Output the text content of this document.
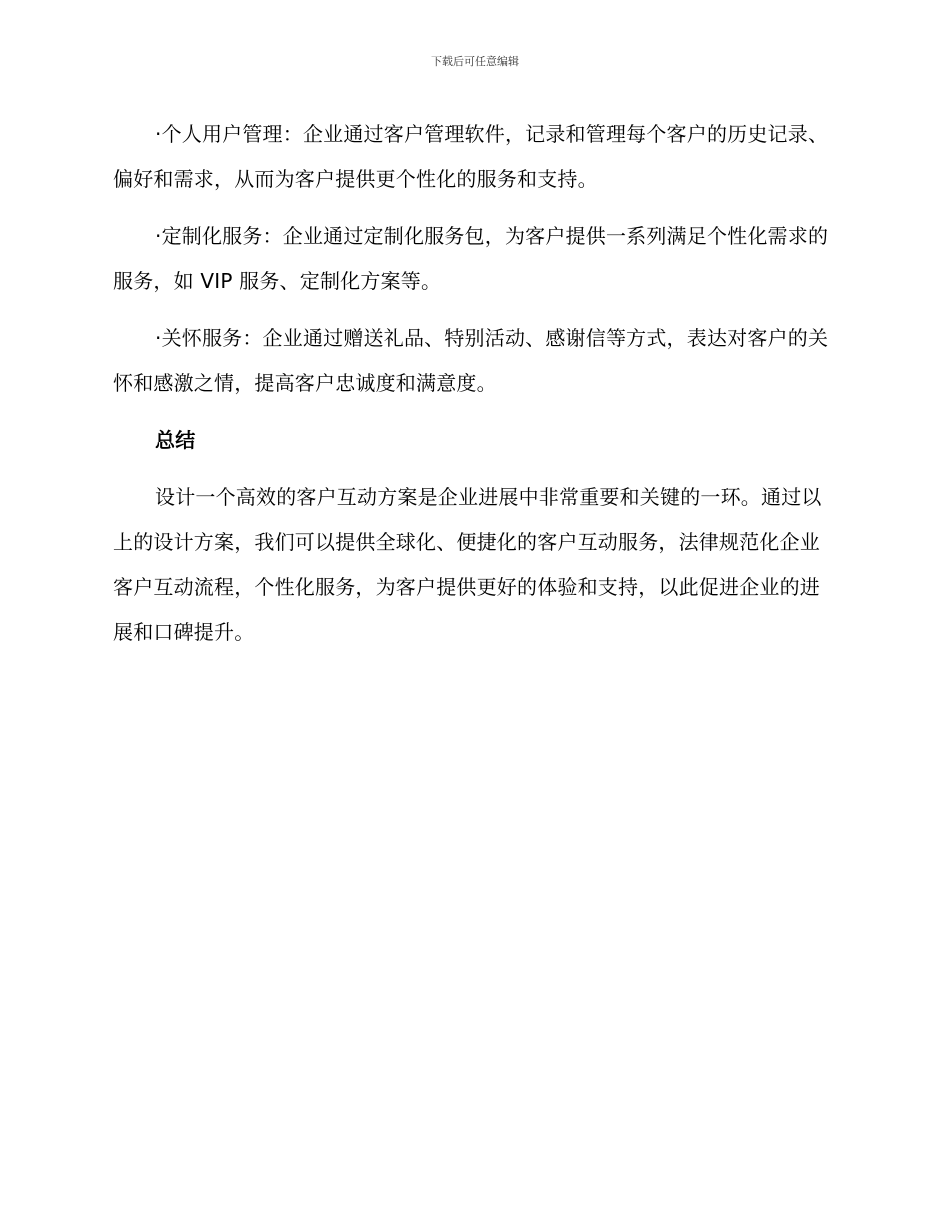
下载后可任意编辑

·个人用户管理：企业通过客户管理软件，记录和管理每个客户的历史记录、偏好和需求，从而为客户提供更个性化的服务和支持。

·定制化服务：企业通过定制化服务包，为客户提供一系列满足个性化需求的服务，如 VIP 服务、定制化方案等。

·关怀服务：企业通过赠送礼品、特别活动、感谢信等方式，表达对客户的关怀和感激之情，提高客户忠诚度和满意度。

总结

设计一个高效的客户互动方案是企业进展中非常重要和关键的一环。通过以上的设计方案，我们可以提供全球化、便捷化的客户互动服务，法律规范化企业客户互动流程，个性化服务，为客户提供更好的体验和支持，以此促进企业的进展和口碑提升。
